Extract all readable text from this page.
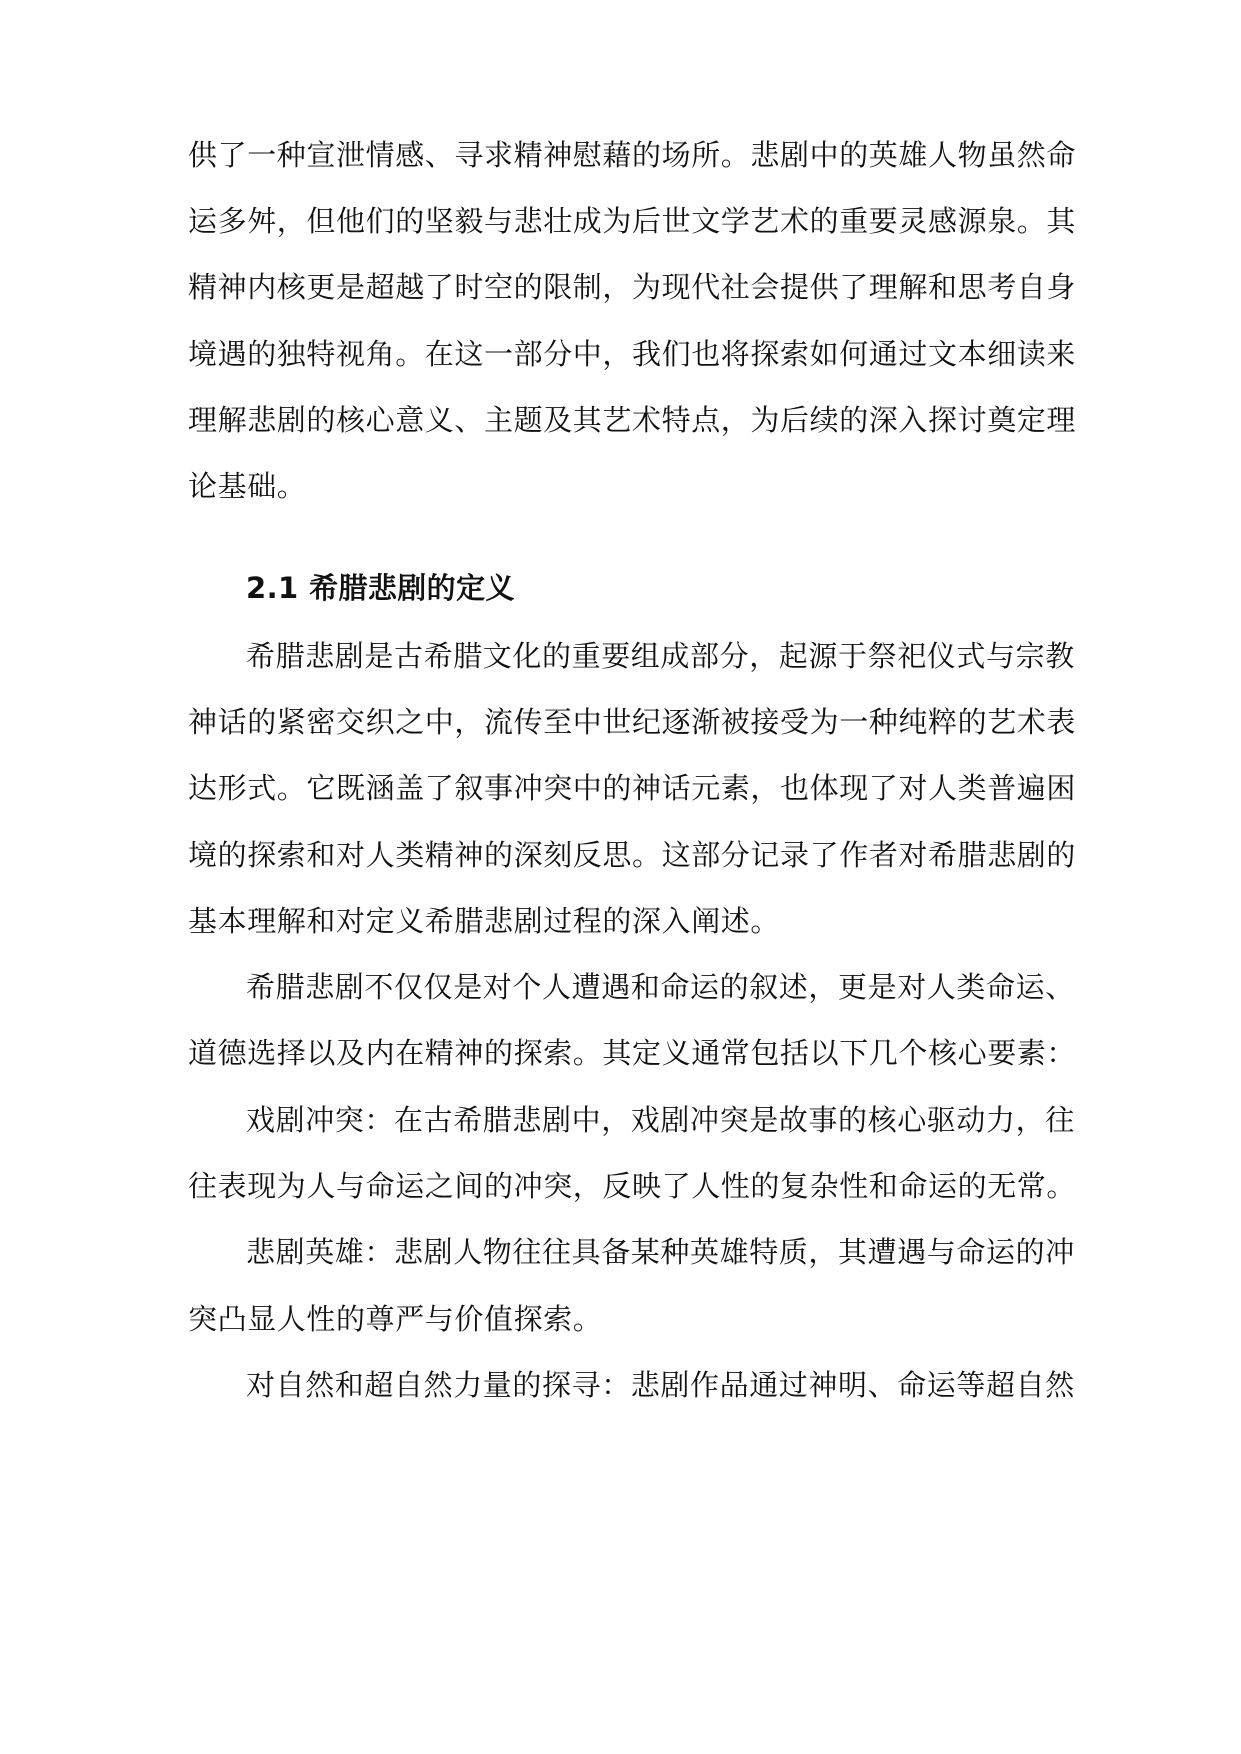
供了一种宣泄情感、寻求精神慰藉的场所。悲剧中的英雄人物虽然命
运多舛，但他们的坚毅与悲壮成为后世文学艺术的重要灵感源泉。其
精神内核更是超越了时空的限制，为现代社会提供了理解和思考自身
境遇的独特视角。在这一部分中，我们也将探索如何通过文本细读来
理解悲剧的核心意义、主题及其艺术特点，为后续的深入探讨奠定理
论基础。
2.1 希腊悲剧的定义
希腊悲剧是古希腊文化的重要组成部分，起源于祭祀仪式与宗教
神话的紧密交织之中，流传至中世纪逐渐被接受为一种纯粹的艺术表
达形式。它既涵盖了叙事冲突中的神话元素，也体现了对人类普遍困
境的探索和对人类精神的深刻反思。这部分记录了作者对希腊悲剧的
基本理解和对定义希腊悲剧过程的深入阐述。
希腊悲剧不仅仅是对个人遭遇和命运的叙述，更是对人类命运、
道德选择以及内在精神的探索。其定义通常包括以下几个核心要素：
戏剧冲突：在古希腊悲剧中，戏剧冲突是故事的核心驱动力，往
往表现为人与命运之间的冲突，反映了人性的复杂性和命运的无常。
悲剧英雄：悲剧人物往往具备某种英雄特质，其遭遇与命运的冲
突凸显人性的尊严与价值探索。
对自然和超自然力量的探寻：悲剧作品通过神明、命运等超自然
